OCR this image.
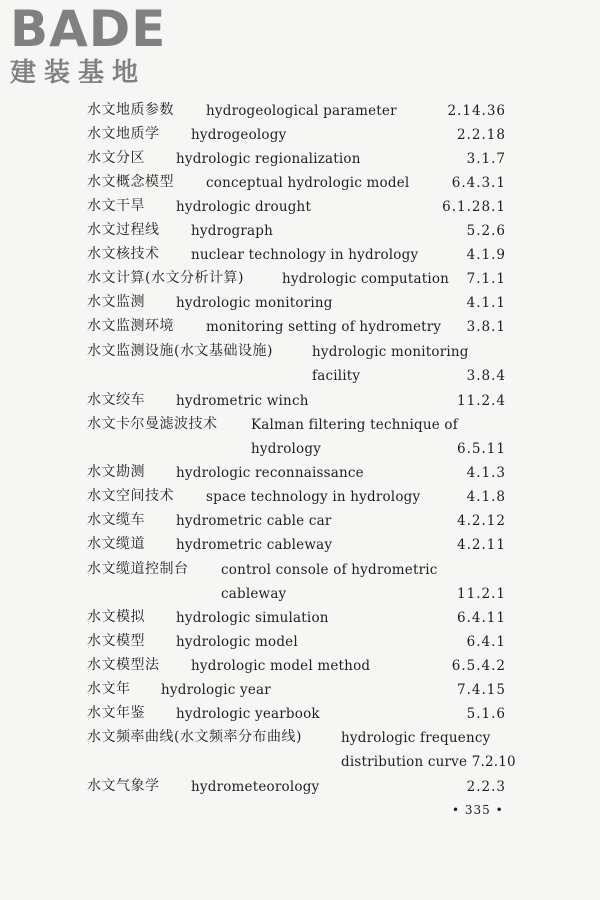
BADE
建装基地
水文地质参数 hydrogeological parameter	2.14.36
水文地质学 hydrogeology	2.2.18
水文分区 hydrologic regionalization	3.1.7
水文概念模型 conceptual hydrologic model	6.4.3.1
水文干旱 hydrologic drought	6.1.28.1
水文过程线 hydrograph	5.2.6
水文核技术 nuclear technology in hydrology	4.1.9
水文计算(水文分析计算)	hydrologic computation 7.1.1
水文监测 hydrologic monitoring	4.1.1
水文监测环境 monitoring setting of hydrometry 3.8.1
水文监测设施(水文基础设施)	hydrologic monitoring
facility	3.8.4
水文绞车 hydrometric winch	11.2.4
水文卡尔曼滤波技术 Kalman filtering technique of
hydrology	6.5.11
水文勘测 hydrologic reconnaissance	4.1.3
水文空间技术 space technology in hydrology	4.1.8
水文缆车 hydrometric cable car	4.2.12
水文缆道 hydrometric cableway	4.2.11
水文缆道控制台 control console of hydrometric
cableway	11.2.1
水文模拟 hydrologic simulation	6.4.11
水文模型 hydrologic model	6.4.1
水文模型法 hydrologic model method	6.5.4.2
水文年 hydrologic year	7.4.15
水文年鉴 hydrologic yearbook	5.1.6
水文频率曲线(水文频率分布曲线)	hydrologic frequency
distribution curve 7.2.10
水文气象学 hydrometeorology	2.2.3
• 335 •
